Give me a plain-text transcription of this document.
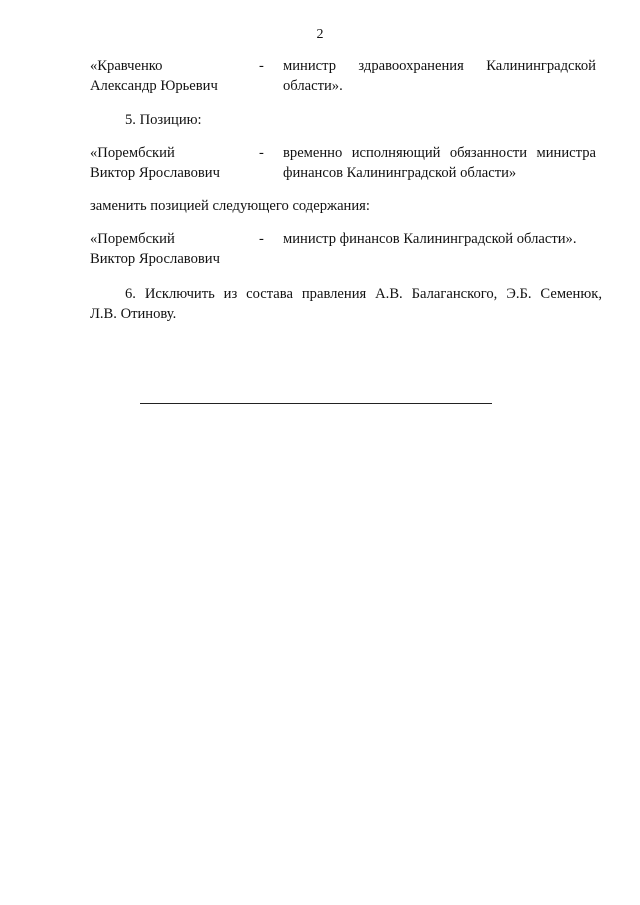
2
«Кравченко
Александр Юрьевич
- министр здравоохранения Калининградской
области».
5. Позицию:
«Порембский
Виктор Ярославович
- временно исполняющий обязанности министра
финансов Калининградской области»
заменить позицией следующего содержания:
«Порембский
Виктор Ярославович
- министр финансов Калининградской области».
6. Исключить из состава правления А.В. Балаганского, Э.Б. Семенюк,
Л.В. Отинову.
